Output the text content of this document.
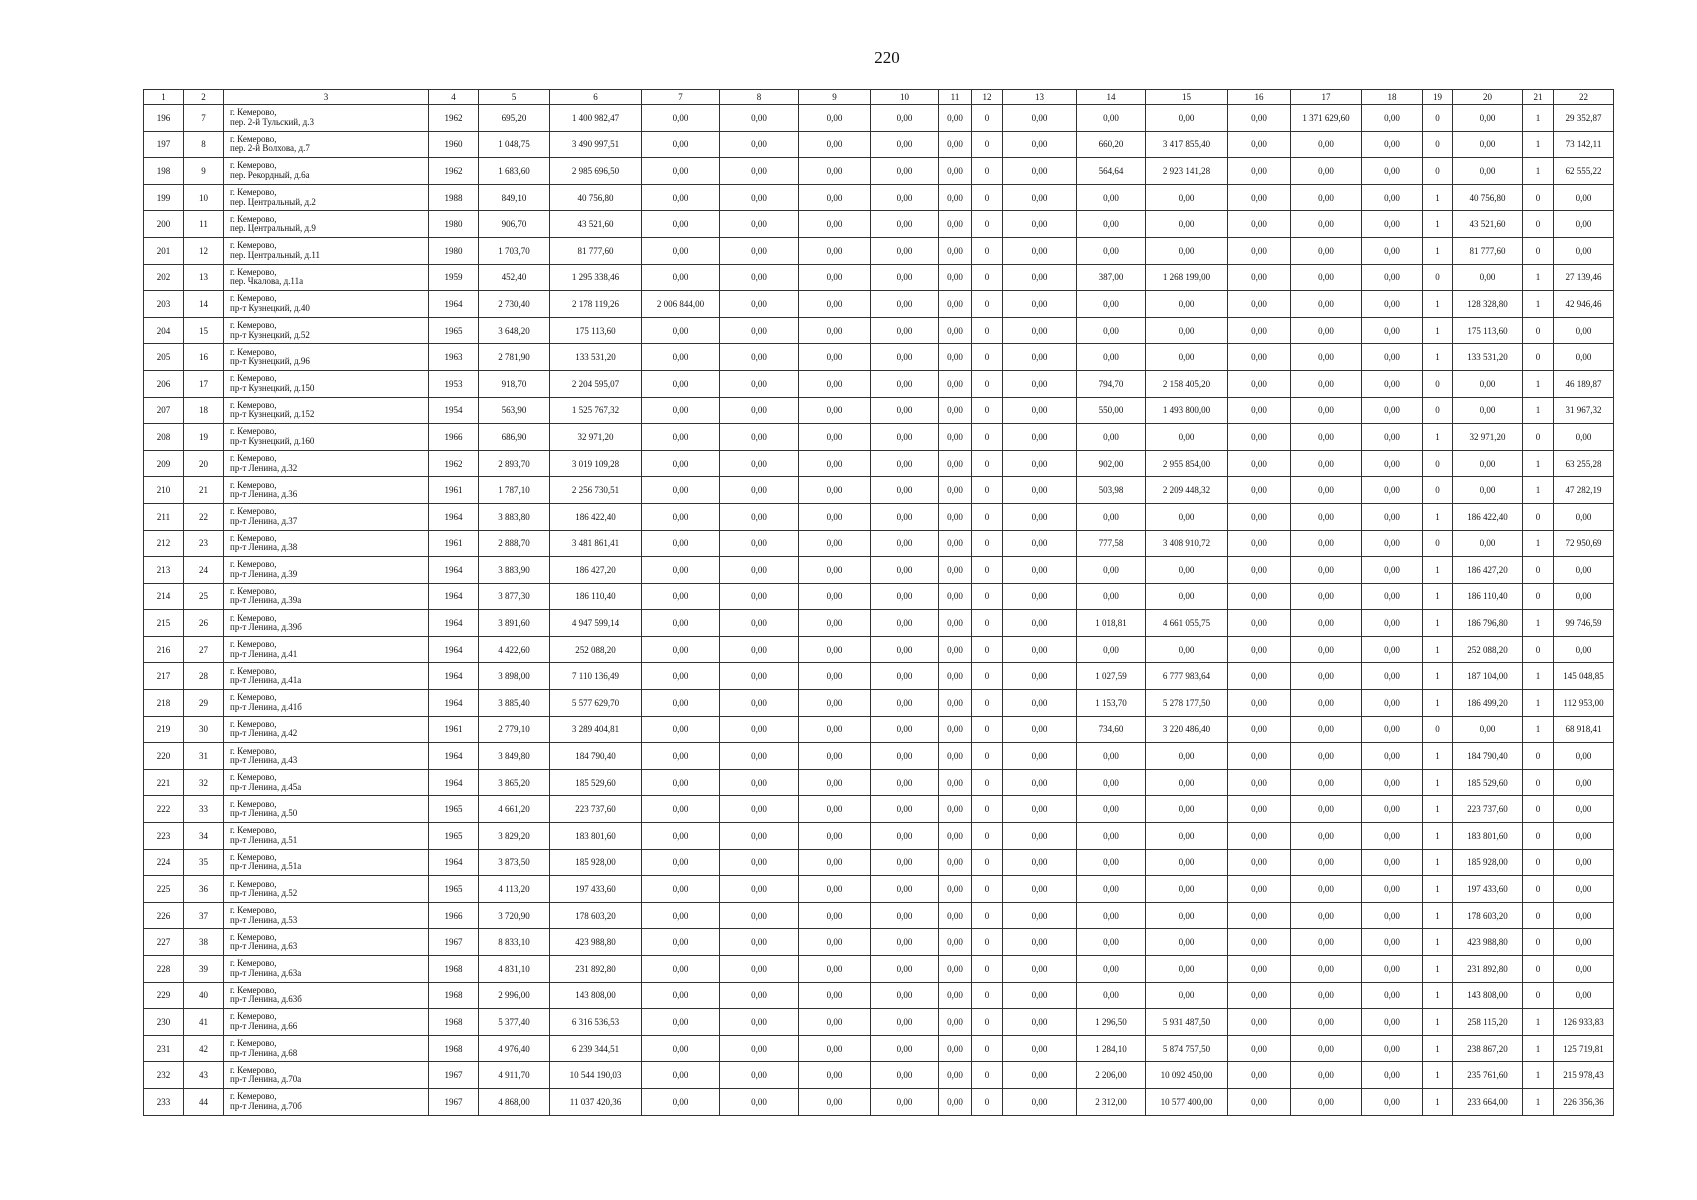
220
1	2	3	4	5	6	7	8	9	10	11	12	13	14	15	16	17	18	19	20	21	22
196	7	г. Кемерово,
пер. 2-й Тульский, д.3	1962	695,20	1 400 982,47	0,00	0,00	0,00	0,00	0,00	0	0,00	0,00	0,00	0,00	1 371 629,60	0,00	0	0,00	1	29 352,87
197	8	г. Кемерово,
пер. 2-й Волхова, д.7	1960	1 048,75	3 490 997,51	0,00	0,00	0,00	0,00	0,00	0	0,00	660,20	3 417 855,40	0,00	0,00	0,00	0	0,00	1	73 142,11
198	9	г. Кемерово,
пер. Рекордный, д.6а	1962	1 683,60	2 985 696,50	0,00	0,00	0,00	0,00	0,00	0	0,00	564,64	2 923 141,28	0,00	0,00	0,00	0	0,00	1	62 555,22
199	10	г. Кемерово,
пер. Центральный, д.2	1988	849,10	40 756,80	0,00	0,00	0,00	0,00	0,00	0	0,00	0,00	0,00	0,00	0,00	0,00	1	40 756,80	0	0,00
200	11	г. Кемерово,
пер. Центральный, д.9	1980	906,70	43 521,60	0,00	0,00	0,00	0,00	0,00	0	0,00	0,00	0,00	0,00	0,00	0,00	1	43 521,60	0	0,00
201	12	г. Кемерово,
пер. Центральный, д.11	1980	1 703,70	81 777,60	0,00	0,00	0,00	0,00	0,00	0	0,00	0,00	0,00	0,00	0,00	0,00	1	81 777,60	0	0,00
202	13	г. Кемерово,
пер. Чкалова, д.11а	1959	452,40	1 295 338,46	0,00	0,00	0,00	0,00	0,00	0	0,00	387,00	1 268 199,00	0,00	0,00	0,00	0	0,00	1	27 139,46
203	14	г. Кемерово,
пр-т Кузнецкий, д.40	1964	2 730,40	2 178 119,26	2 006 844,00	0,00	0,00	0,00	0,00	0	0,00	0,00	0,00	0,00	0,00	0,00	1	128 328,80	1	42 946,46
204	15	г. Кемерово,
пр-т Кузнецкий, д.52	1965	3 648,20	175 113,60	0,00	0,00	0,00	0,00	0,00	0	0,00	0,00	0,00	0,00	0,00	0,00	1	175 113,60	0	0,00
205	16	г. Кемерово,
пр-т Кузнецкий, д.96	1963	2 781,90	133 531,20	0,00	0,00	0,00	0,00	0,00	0	0,00	0,00	0,00	0,00	0,00	0,00	1	133 531,20	0	0,00
206	17	г. Кемерово,
пр-т Кузнецкий, д.150	1953	918,70	2 204 595,07	0,00	0,00	0,00	0,00	0,00	0	0,00	794,70	2 158 405,20	0,00	0,00	0,00	0	0,00	1	46 189,87
207	18	г. Кемерово,
пр-т Кузнецкий, д.152	1954	563,90	1 525 767,32	0,00	0,00	0,00	0,00	0,00	0	0,00	550,00	1 493 800,00	0,00	0,00	0,00	0	0,00	1	31 967,32
208	19	г. Кемерово,
пр-т Кузнецкий, д.160	1966	686,90	32 971,20	0,00	0,00	0,00	0,00	0,00	0	0,00	0,00	0,00	0,00	0,00	0,00	1	32 971,20	0	0,00
209	20	г. Кемерово,
пр-т Ленина, д.32	1962	2 893,70	3 019 109,28	0,00	0,00	0,00	0,00	0,00	0	0,00	902,00	2 955 854,00	0,00	0,00	0,00	0	0,00	1	63 255,28
210	21	г. Кемерово,
пр-т Ленина, д.36	1961	1 787,10	2 256 730,51	0,00	0,00	0,00	0,00	0,00	0	0,00	503,98	2 209 448,32	0,00	0,00	0,00	0	0,00	1	47 282,19
211	22	г. Кемерово,
пр-т Ленина, д.37	1964	3 883,80	186 422,40	0,00	0,00	0,00	0,00	0,00	0	0,00	0,00	0,00	0,00	0,00	0,00	1	186 422,40	0	0,00
212	23	г. Кемерово,
пр-т Ленина, д.38	1961	2 888,70	3 481 861,41	0,00	0,00	0,00	0,00	0,00	0	0,00	777,58	3 408 910,72	0,00	0,00	0,00	0	0,00	1	72 950,69
213	24	г. Кемерово,
пр-т Ленина, д.39	1964	3 883,90	186 427,20	0,00	0,00	0,00	0,00	0,00	0	0,00	0,00	0,00	0,00	0,00	0,00	1	186 427,20	0	0,00
214	25	г. Кемерово,
пр-т Ленина, д.39а	1964	3 877,30	186 110,40	0,00	0,00	0,00	0,00	0,00	0	0,00	0,00	0,00	0,00	0,00	0,00	1	186 110,40	0	0,00
215	26	г. Кемерово,
пр-т Ленина, д.39б	1964	3 891,60	4 947 599,14	0,00	0,00	0,00	0,00	0,00	0	0,00	1 018,81	4 661 055,75	0,00	0,00	0,00	1	186 796,80	1	99 746,59
216	27	г. Кемерово,
пр-т Ленина, д.41	1964	4 422,60	252 088,20	0,00	0,00	0,00	0,00	0,00	0	0,00	0,00	0,00	0,00	0,00	0,00	1	252 088,20	0	0,00
217	28	г. Кемерово,
пр-т Ленина, д.41а	1964	3 898,00	7 110 136,49	0,00	0,00	0,00	0,00	0,00	0	0,00	1 027,59	6 777 983,64	0,00	0,00	0,00	1	187 104,00	1	145 048,85
218	29	г. Кемерово,
пр-т Ленина, д.41б	1964	3 885,40	5 577 629,70	0,00	0,00	0,00	0,00	0,00	0	0,00	1 153,70	5 278 177,50	0,00	0,00	0,00	1	186 499,20	1	112 953,00
219	30	г. Кемерово,
пр-т Ленина, д.42	1961	2 779,10	3 289 404,81	0,00	0,00	0,00	0,00	0,00	0	0,00	734,60	3 220 486,40	0,00	0,00	0,00	0	0,00	1	68 918,41
220	31	г. Кемерово,
пр-т Ленина, д.43	1964	3 849,80	184 790,40	0,00	0,00	0,00	0,00	0,00	0	0,00	0,00	0,00	0,00	0,00	0,00	1	184 790,40	0	0,00
221	32	г. Кемерово,
пр-т Ленина, д.45а	1964	3 865,20	185 529,60	0,00	0,00	0,00	0,00	0,00	0	0,00	0,00	0,00	0,00	0,00	0,00	1	185 529,60	0	0,00
222	33	г. Кемерово,
пр-т Ленина, д.50	1965	4 661,20	223 737,60	0,00	0,00	0,00	0,00	0,00	0	0,00	0,00	0,00	0,00	0,00	0,00	1	223 737,60	0	0,00
223	34	г. Кемерово,
пр-т Ленина, д.51	1965	3 829,20	183 801,60	0,00	0,00	0,00	0,00	0,00	0	0,00	0,00	0,00	0,00	0,00	0,00	1	183 801,60	0	0,00
224	35	г. Кемерово,
пр-т Ленина, д.51а	1964	3 873,50	185 928,00	0,00	0,00	0,00	0,00	0,00	0	0,00	0,00	0,00	0,00	0,00	0,00	1	185 928,00	0	0,00
225	36	г. Кемерово,
пр-т Ленина, д.52	1965	4 113,20	197 433,60	0,00	0,00	0,00	0,00	0,00	0	0,00	0,00	0,00	0,00	0,00	0,00	1	197 433,60	0	0,00
226	37	г. Кемерово,
пр-т Ленина, д.53	1966	3 720,90	178 603,20	0,00	0,00	0,00	0,00	0,00	0	0,00	0,00	0,00	0,00	0,00	0,00	1	178 603,20	0	0,00
227	38	г. Кемерово,
пр-т Ленина, д.63	1967	8 833,10	423 988,80	0,00	0,00	0,00	0,00	0,00	0	0,00	0,00	0,00	0,00	0,00	0,00	1	423 988,80	0	0,00
228	39	г. Кемерово,
пр-т Ленина, д.63а	1968	4 831,10	231 892,80	0,00	0,00	0,00	0,00	0,00	0	0,00	0,00	0,00	0,00	0,00	0,00	1	231 892,80	0	0,00
229	40	г. Кемерово,
пр-т Ленина, д.63б	1968	2 996,00	143 808,00	0,00	0,00	0,00	0,00	0,00	0	0,00	0,00	0,00	0,00	0,00	0,00	1	143 808,00	0	0,00
230	41	г. Кемерово,
пр-т Ленина, д.66	1968	5 377,40	6 316 536,53	0,00	0,00	0,00	0,00	0,00	0	0,00	1 296,50	5 931 487,50	0,00	0,00	0,00	1	258 115,20	1	126 933,83
231	42	г. Кемерово,
пр-т Ленина, д.68	1968	4 976,40	6 239 344,51	0,00	0,00	0,00	0,00	0,00	0	0,00	1 284,10	5 874 757,50	0,00	0,00	0,00	1	238 867,20	1	125 719,81
232	43	г. Кемерово,
пр-т Ленина, д.70а	1967	4 911,70	10 544 190,03	0,00	0,00	0,00	0,00	0,00	0	0,00	2 206,00	10 092 450,00	0,00	0,00	0,00	1	235 761,60	1	215 978,43
233	44	г. Кемерово,
пр-т Ленина, д.70б	1967	4 868,00	11 037 420,36	0,00	0,00	0,00	0,00	0,00	0	0,00	2 312,00	10 577 400,00	0,00	0,00	0,00	1	233 664,00	1	226 356,36
